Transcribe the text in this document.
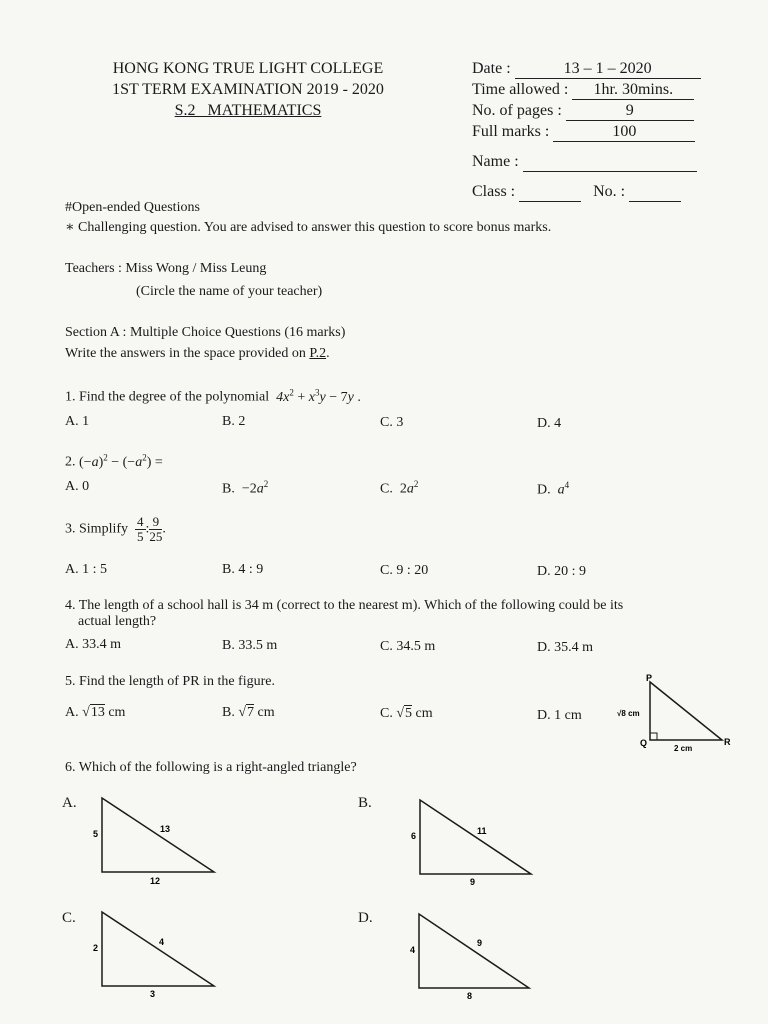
HONG KONG TRUE LIGHT COLLEGE
1ST TERM EXAMINATION 2019 - 2020
S.2   MATHEMATICS
Date :	13 – 1 – 2020
Time allowed : 1hr. 30mins.
No. of pages :	9
Full marks :	100
Name :
Class :	No. :
#Open-ended Questions
∗ Challenging question. You are advised to answer this question to score bonus marks.
Teachers : Miss Wong / Miss Leung
(Circle the name of your teacher)
Section A : Multiple Choice Questions (16 marks)
Write the answers in the space provided on P.2.
1. Find the degree of the polynomial $4x^2 + x^3y - 7y$ .
A. 1	B. 2	C. 3	D. 4
2. $(-a)^2 - (-a^2)$ =
A. 0	B.  $-2a^2$	C.  $2a^2$	D. $a^4$
3. Simplify $\frac{4}{5}$ : $\frac{9}{25}$ .
A. 1 : 5	B. 4 : 9	C. 9 : 20	D. 20 : 9
4. The length of a school hall is 34 m (correct to the nearest m). Which of the following could be its
actual length?
A. 33.4 m	B. 33.5 m	C. 34.5 m	D. 35.4 m
5. Find the length of PR in the figure.
A. √13 cm	B. √7 cm	C. √5 cm	D. 1 cm
P
Q	R
√8 cm
2 cm
6. Which of the following is a right-angled triangle?
A.
5	13
12
B.
6	11
9
C.
2
4
3
D.
4
9
8
